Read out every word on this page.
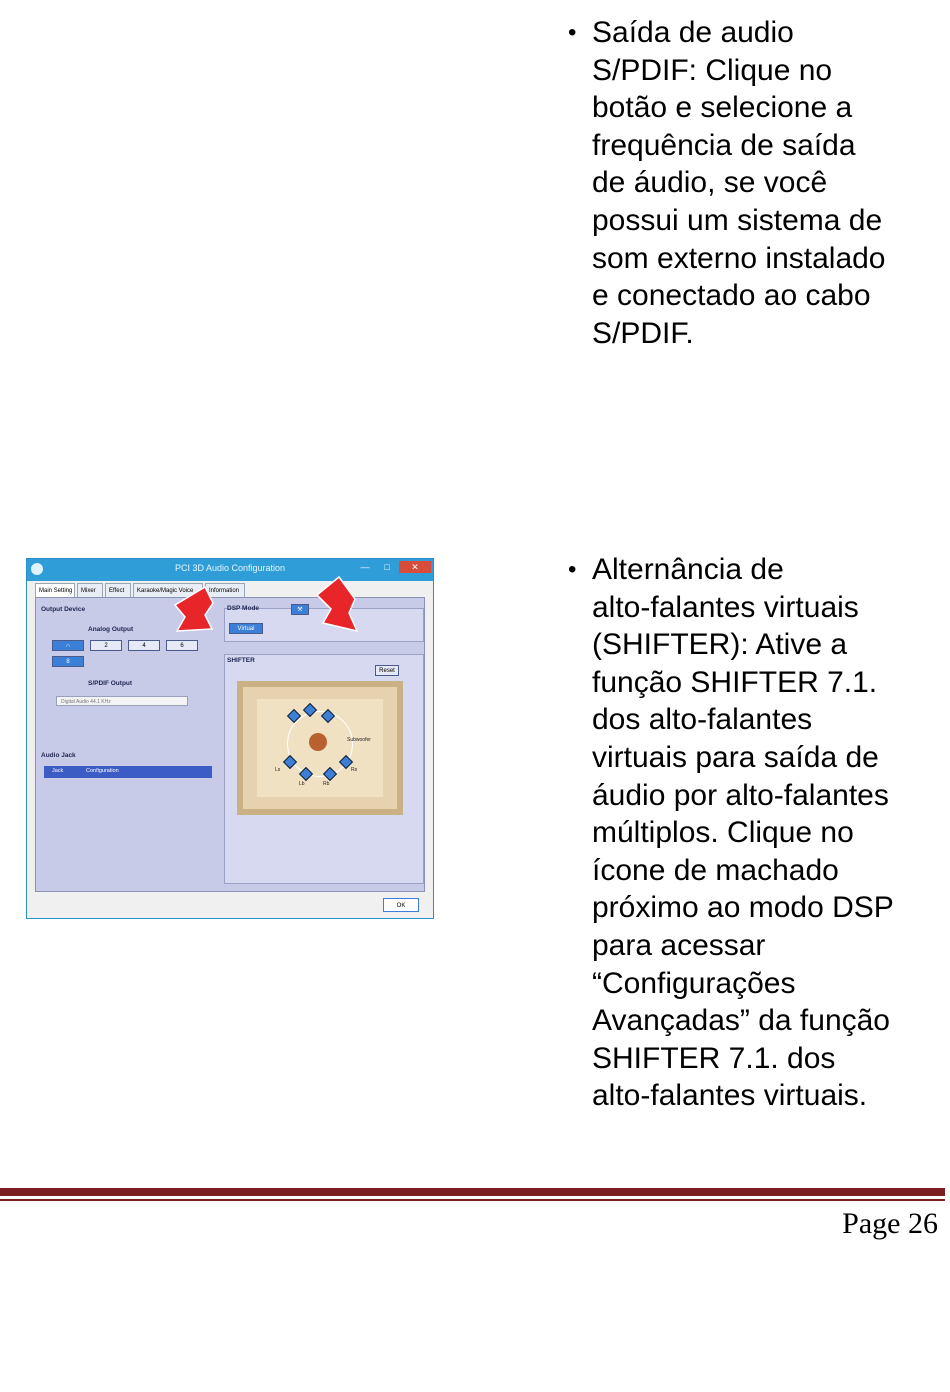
• Saída de audio
S/PDIF: Clique no
botão e selecione a
frequência de saída
de áudio, se você
possui um sistema de
som externo instalado
e conectado ao cabo
S/PDIF.
• Alternância de
alto-falantes virtuais
(SHIFTER): Ative a
função SHIFTER 7.1.
dos alto-falantes
virtuais para saída de
áudio por alto-falantes
múltiplos. Clique no
ícone de machado
próximo ao modo DSP
para acessar
“Configurações
Avançadas” da função
SHIFTER 7.1. dos
alto-falantes virtuais.
PCI 3D Audio Configuration	—	□	✕
Main Setting	Mixer	Effect	Karaoke/Magic Voice	Information
Output Device
Analog Output
∩	2	4	6
8
S/PDIF Output
Digital Audio 44.1 KHz
Audio Jack
Jack	Configuration
DSP Mode	⚒
Virtual
SHIFTER
Reset
Subwoofer
Ls	Rs
Lb	Rb
OK
Page 26
